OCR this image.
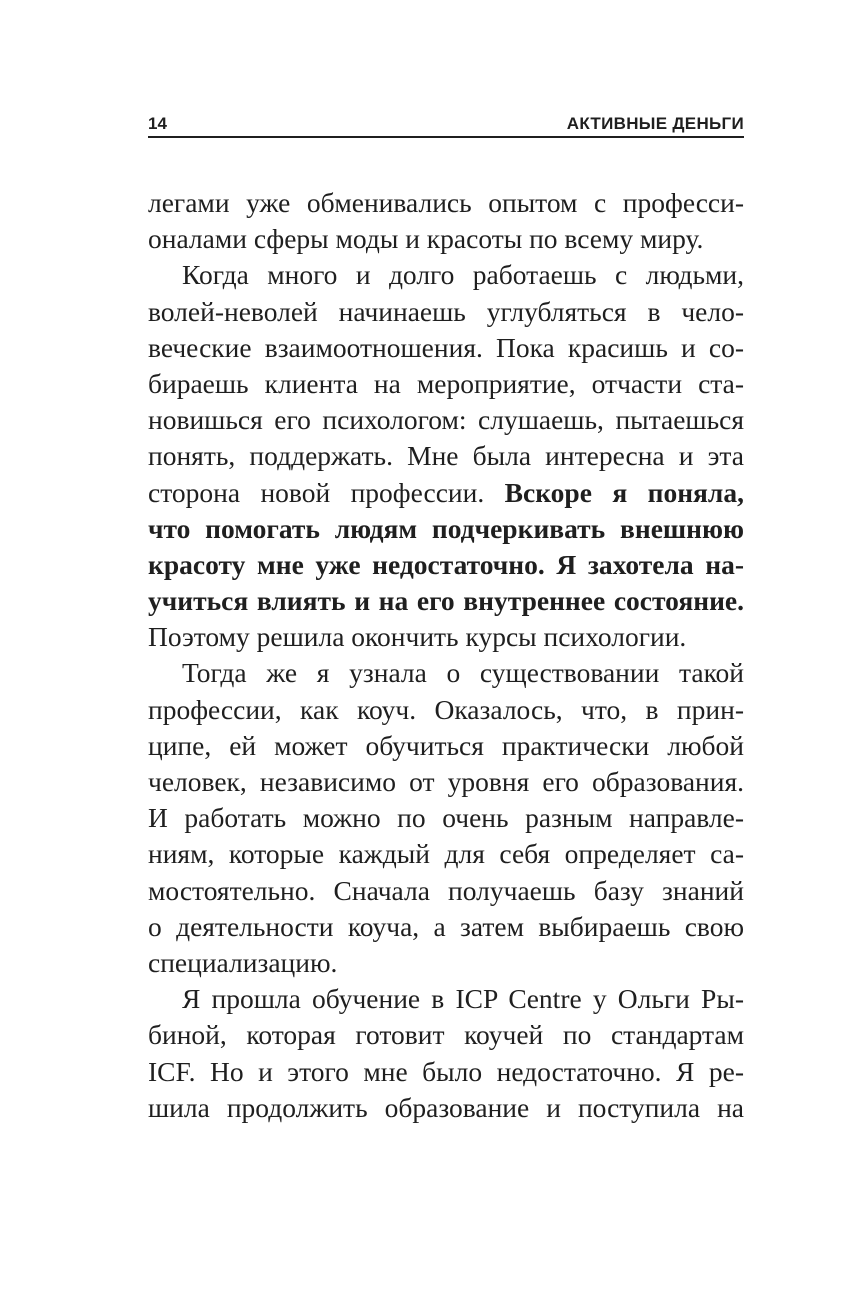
14	АКТИВНЫЕ ДЕНЬГИ
легами уже обменивались опытом с професси-
оналами сферы моды и красоты по всему миру.
Когда много и долго работаешь с людьми,
волей-неволей начинаешь углубляться в чело-
веческие взаимоотношения. Пока красишь и со-
бираешь клиента на мероприятие, отчасти ста-
новишься его психологом: слушаешь, пытаешься
понять, поддержать. Мне была интересна и эта
сторона новой профессии. Вскоре я поняла,
что помогать людям подчеркивать внешнюю
красоту мне уже недостаточно. Я захотела на-
учиться влиять и на его внутреннее состояние.
Поэтому решила окончить курсы психологии.
Тогда же я узнала о существовании такой
профессии, как коуч. Оказалось, что, в прин-
ципе, ей может обучиться практически любой
человек, независимо от уровня его образования.
И работать можно по очень разным направле-
ниям, которые каждый для себя определяет са-
мостоятельно. Сначала получаешь базу знаний
о деятельности коуча, а затем выбираешь свою
специализацию.
Я прошла обучение в ICP Centre у Ольги Ры-
биной, которая готовит коучей по стандартам
ICF. Но и этого мне было недостаточно. Я ре-
шила продолжить образование и поступила на
